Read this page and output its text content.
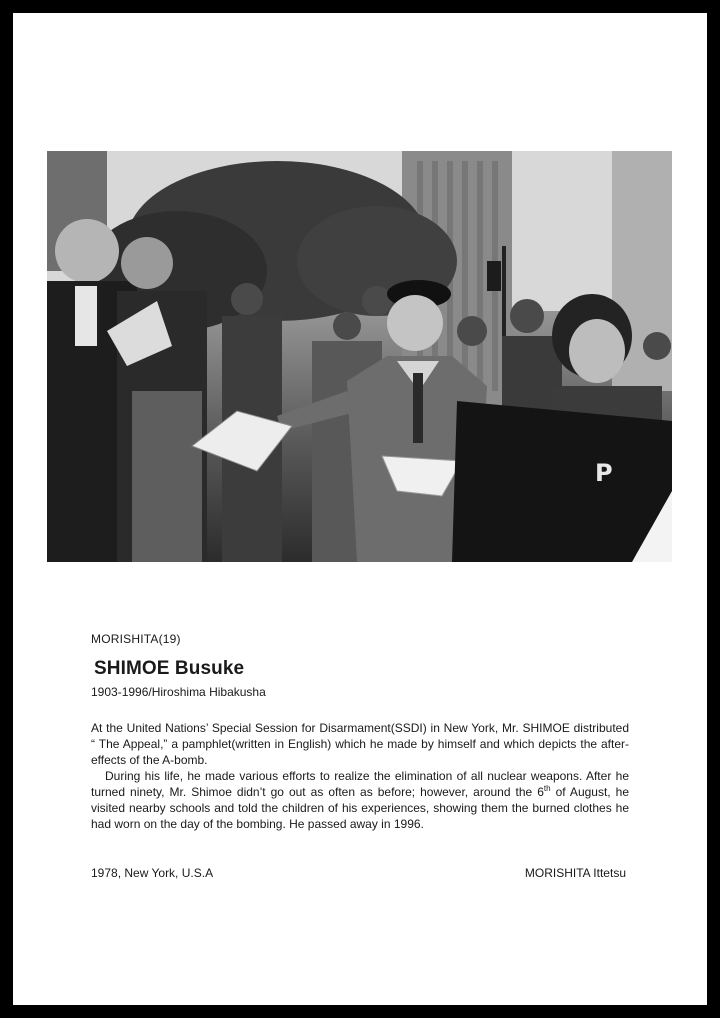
P
MORISHITA(19)
SHIMOE Busuke
1903-1996/Hiroshima Hibakusha

At the United Nations’ Special Session for Disarmament(SSDI) in New York, Mr. SHIMOE distributed “ The Appeal,” a pamphlet(written in English) which he made by himself and which depicts the after-effects of the A-bomb.

During his life, he made various efforts to realize the elimination of all nuclear weapons. After he turned ninety, Mr. Shimoe didn’t go out as often as before; however, around the 6th of August, he visited nearby schools and told the children of his experiences, showing them the burned clothes he had worn on the day of the bombing. He passed away in 1996.

1978, New York, U.S.A	MORISHITA Ittetsu
